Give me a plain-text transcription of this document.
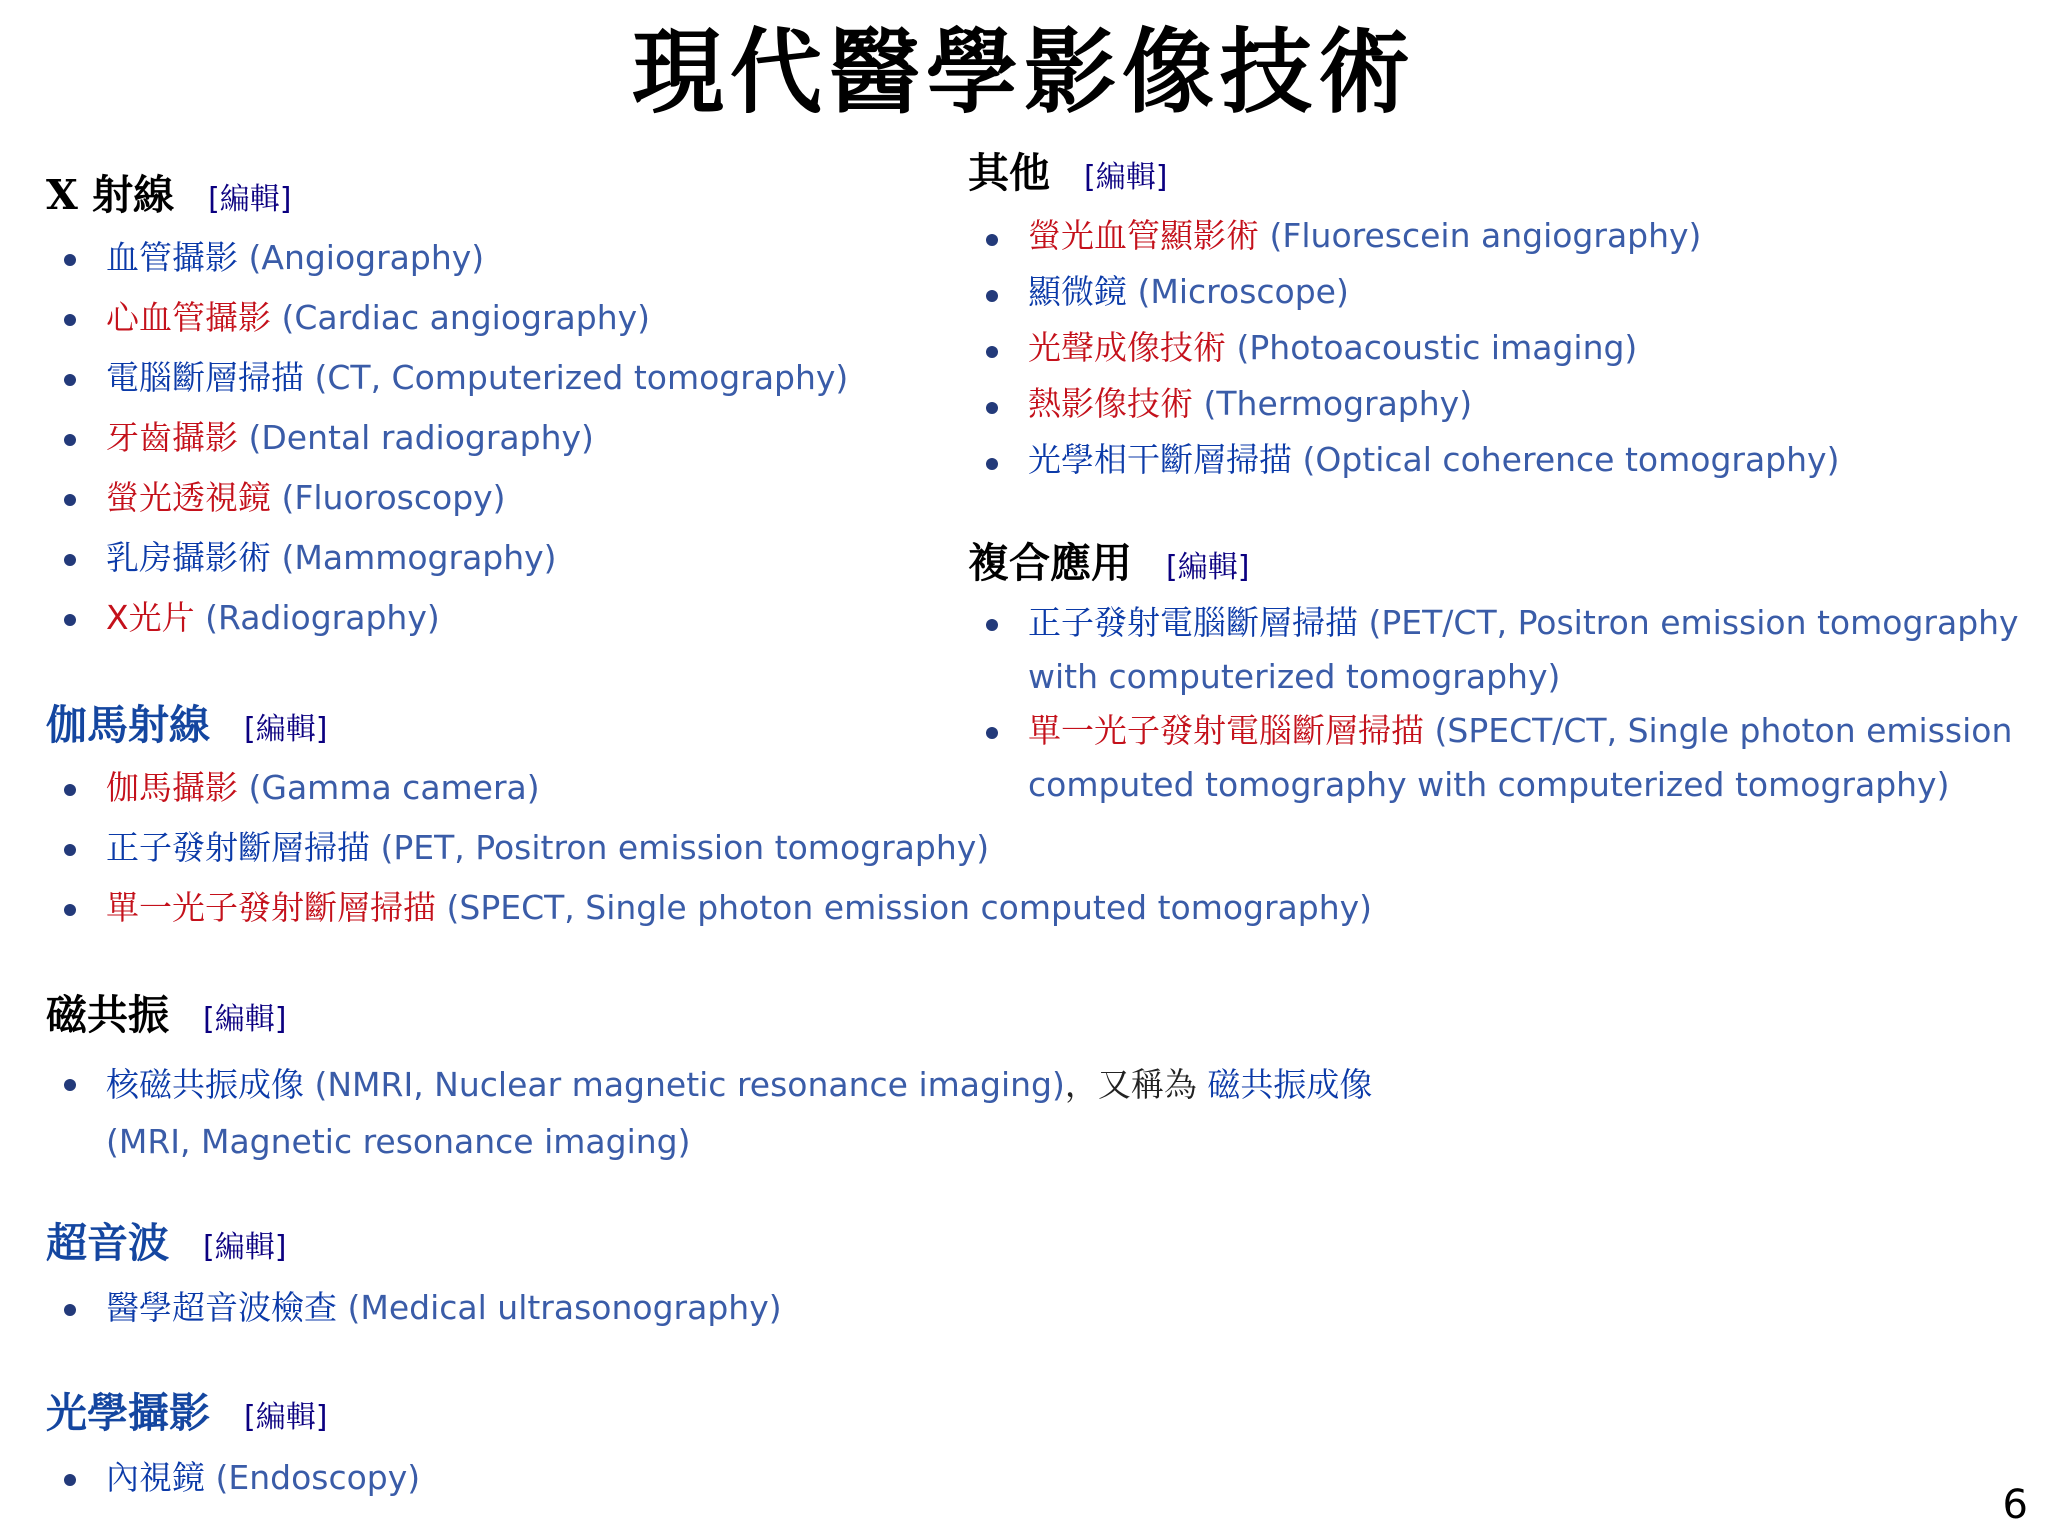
現代醫學影像技術
X 射線 [編輯]
血管攝影 (Angiography)
心血管攝影 (Cardiac angiography)
電腦斷層掃描 (CT, Computerized tomography)
牙齒攝影 (Dental radiography)
螢光透視鏡 (Fluoroscopy)
乳房攝影術 (Mammography)
X光片 (Radiography)
伽馬射線 [編輯]
伽馬攝影 (Gamma camera)
正子發射斷層掃描 (PET, Positron emission tomography)
單一光子發射斷層掃描 (SPECT, Single photon emission computed tomography)
磁共振 [編輯]
核磁共振成像 (NMRI, Nuclear magnetic resonance imaging)，又稱為 磁共振成像 (MRI, Magnetic resonance imaging)
超音波 [編輯]
醫學超音波檢查 (Medical ultrasonography)
光學攝影 [編輯]
內視鏡 (Endoscopy)
其他 [編輯]
螢光血管顯影術 (Fluorescein angiography)
顯微鏡 (Microscope)
光聲成像技術 (Photoacoustic imaging)
熱影像技術 (Thermography)
光學相干斷層掃描 (Optical coherence tomography)
複合應用 [編輯]
正子發射電腦斷層掃描 (PET/CT, Positron emission tomography with computerized tomography)
單一光子發射電腦斷層掃描 (SPECT/CT, Single photon emission computed tomography with computerized tomography)
6
